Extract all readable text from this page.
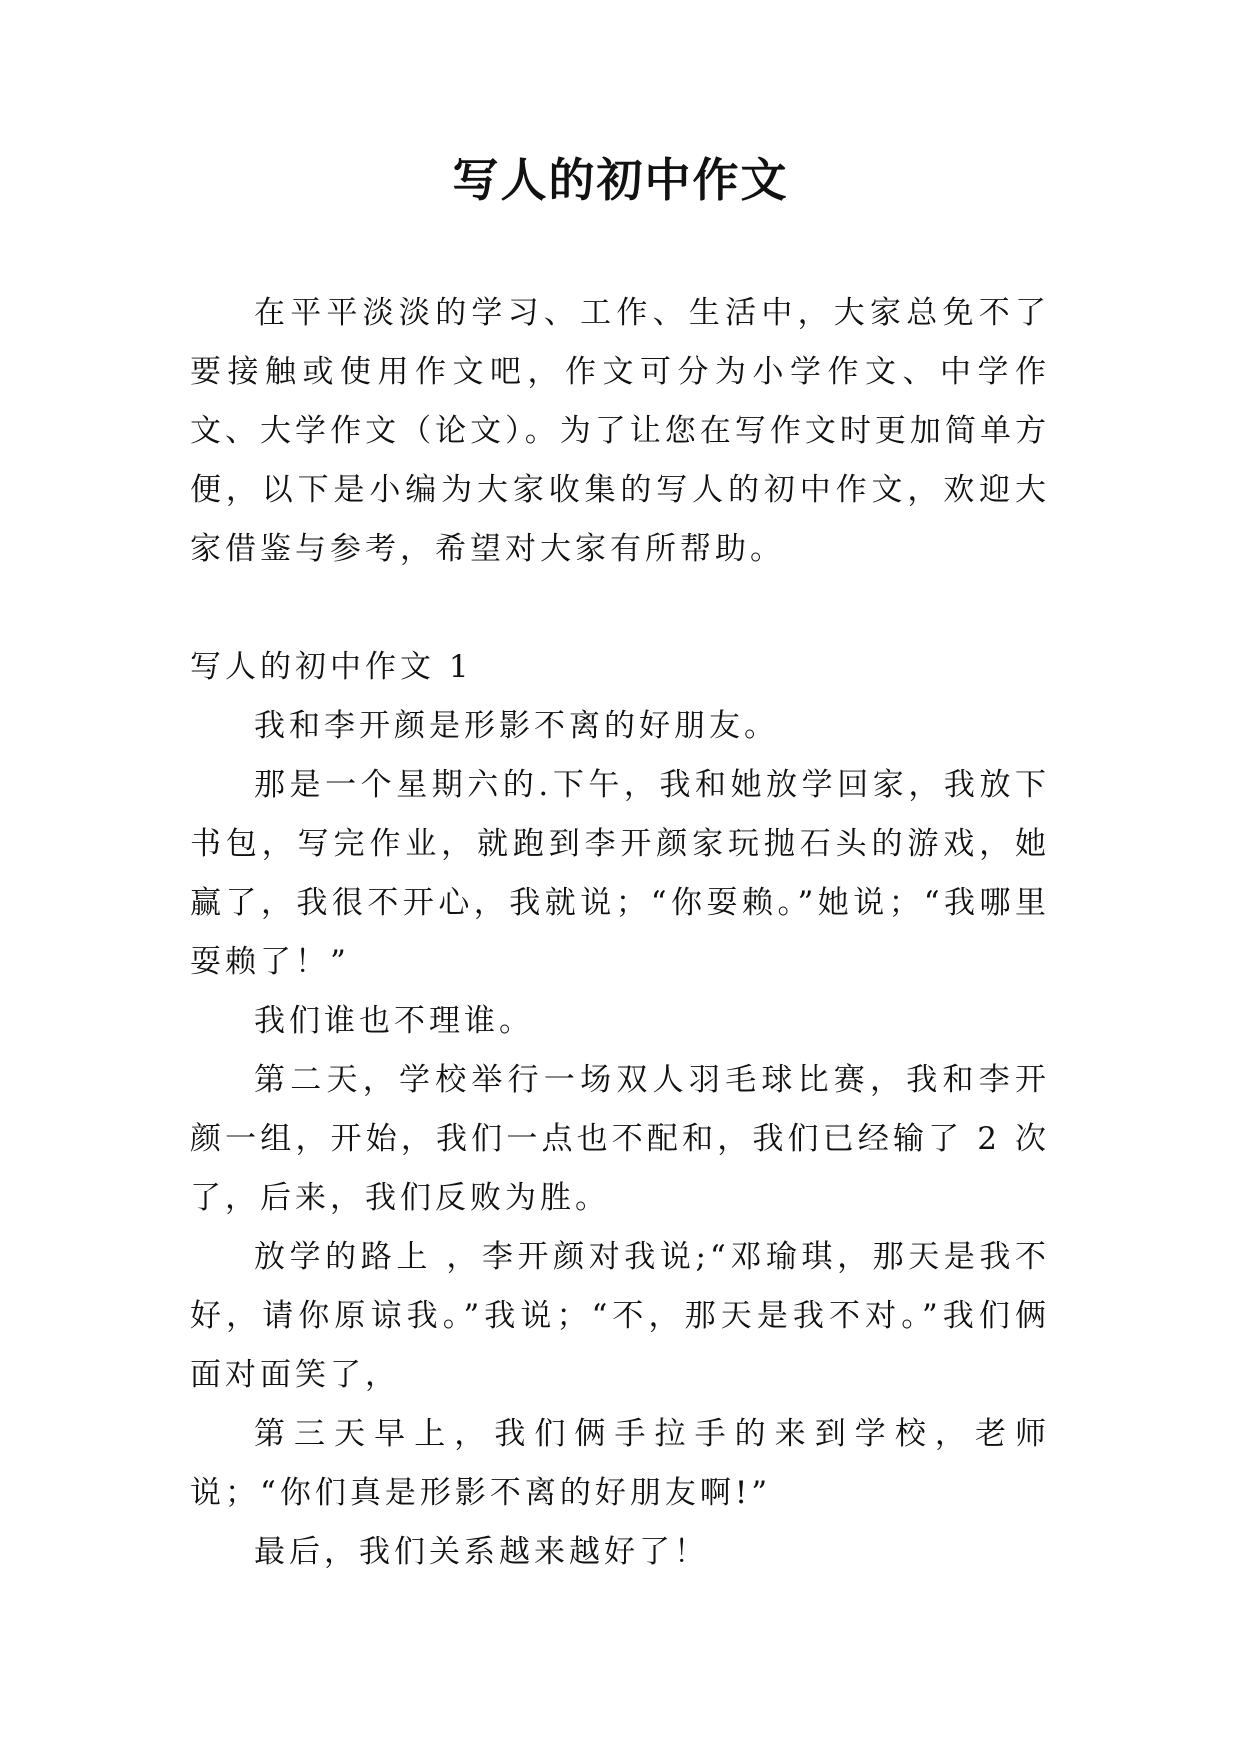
写人的初中作文

在平平淡淡的学习、工作、生活中，大家总免不了要接触或使用作文吧，作文可分为小学作文、中学作文、大学作文（论文）。为了让您在写作文时更加简单方便，以下是小编为大家收集的写人的初中作文，欢迎大家借鉴与参考，希望对大家有所帮助。

写人的初中作文 1

我和李开颜是形影不离的好朋友。

那是一个星期六的.下午，我和她放学回家，我放下书包，写完作业，就跑到李开颜家玩抛石头的游戏，她赢了，我很不开心，我就说；“你耍赖。”她说；“我哪里耍赖了！”

我们谁也不理谁。

第二天，学校举行一场双人羽毛球比赛，我和李开颜一组，开始，我们一点也不配和，我们已经输了 2 次了，后来，我们反败为胜。

放学的路上 ，李开颜对我说;“邓瑜琪，那天是我不好，请你原谅我。”我说；“不，那天是我不对。”我们俩面对面笑了，

第三天早上，我们俩手拉手的来到学校，老师说；“你们真是形影不离的好朋友啊!”

最后，我们关系越来越好了！
